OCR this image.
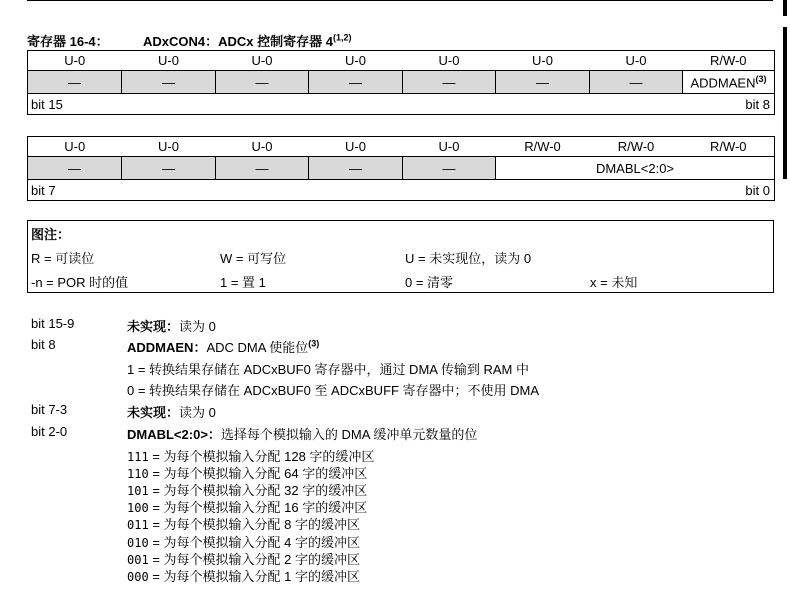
寄存器 16-4：	ADxCON4：ADCx 控制寄存器 4$^{(1,2)}$
U-0	U-0	U-0	U-0	U-0	U-0	U-0	R/W-0
—	—	—	—	—	—	—	ADDMAEN$^{(3)}$

bit 15 bit 8							
U-0	U-0	U-0	U-0	U-0	R/W-0	R/W-0	R/W-0
—	—	—	—	—	DMABL<2:0>		

bit 7 bit 0							
图注：
R = 可读位	W = 可写位	U = 未实现位，读为 0
-n = POR 时的值	1 = 置 1	0 = 清零	x = 未知
bit 15-9	未实现：读为 0
bit 8	ADDMAEN：ADC DMA 使能位$^{(3)}$
1 = 转换结果存储在 ADCxBUF0 寄存器中，通过 DMA 传输到 RAM 中
0 = 转换结果存储在 ADCxBUF0 至 ADCxBUFF 寄存器中；不使用 DMA
bit 7-3	未实现：读为 0
bit 2-0	DMABL<2:0>：选择每个模拟输入的 DMA 缓冲单元数量的位
111 = 为每个模拟输入分配 128 字的缓冲区
110 = 为每个模拟输入分配 64 字的缓冲区
101 = 为每个模拟输入分配 32 字的缓冲区
100 = 为每个模拟输入分配 16 字的缓冲区
011 = 为每个模拟输入分配 8 字的缓冲区
010 = 为每个模拟输入分配 4 字的缓冲区
001 = 为每个模拟输入分配 2 字的缓冲区
000 = 为每个模拟输入分配 1 字的缓冲区
